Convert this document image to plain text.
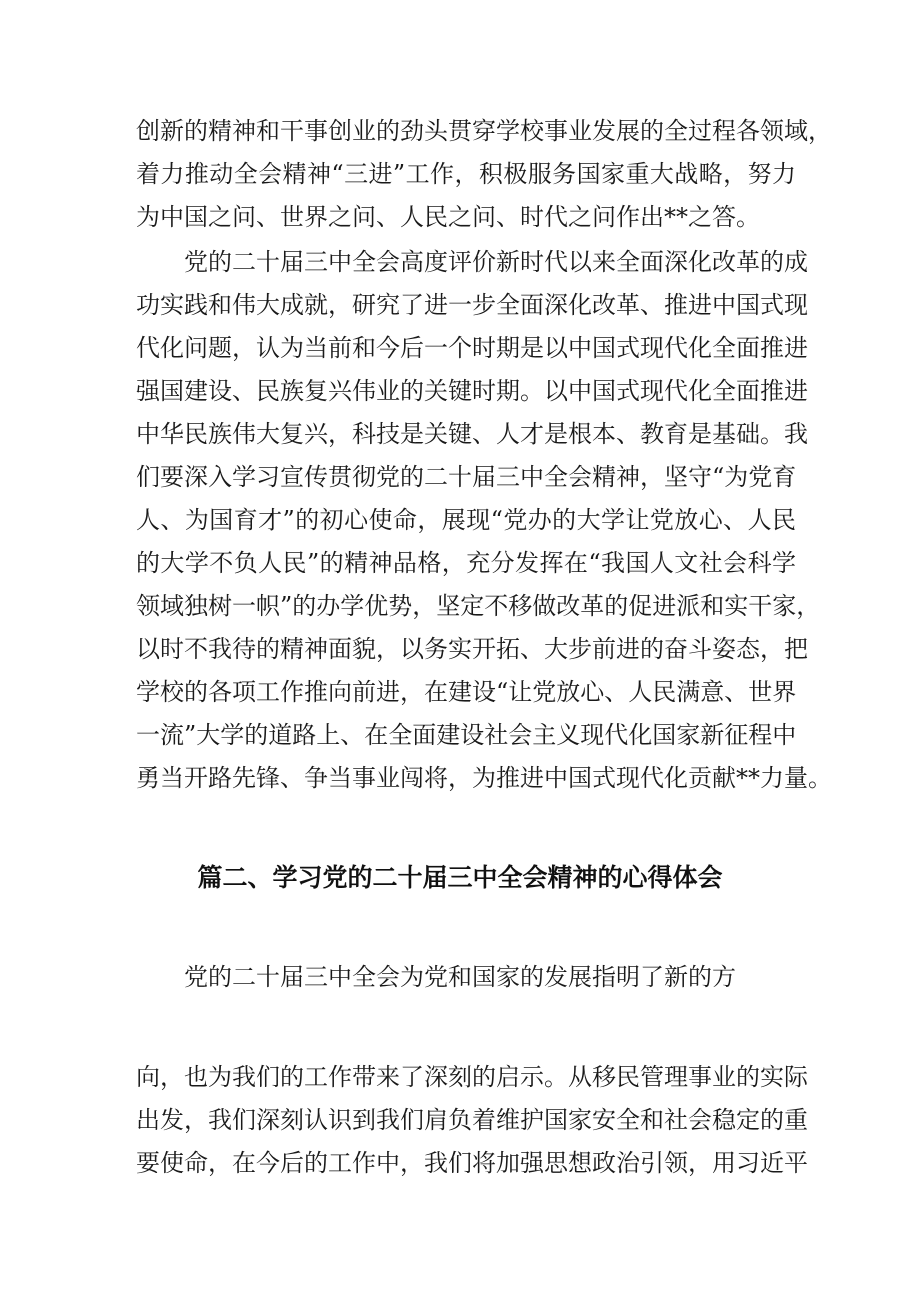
创新的精神和干事创业的劲头贯穿学校事业发展的全过程各领域，
着力推动全会精神“三进”工作，积极服务国家重大战略，努力
为中国之问、世界之问、人民之问、时代之问作出**之答。
党的二十届三中全会高度评价新时代以来全面深化改革的成
功实践和伟大成就，研究了进一步全面深化改革、推进中国式现
代化问题，认为当前和今后一个时期是以中国式现代化全面推进
强国建设、民族复兴伟业的关键时期。以中国式现代化全面推进
中华民族伟大复兴，科技是关键、人才是根本、教育是基础。我
们要深入学习宣传贯彻党的二十届三中全会精神，坚守“为党育
人、为国育才”的初心使命，展现“党办的大学让党放心、人民
的大学不负人民”的精神品格，充分发挥在“我国人文社会科学
领域独树一帜”的办学优势，坚定不移做改革的促进派和实干家，
以时不我待的精神面貌，以务实开拓、大步前进的奋斗姿态，把
学校的各项工作推向前进，在建设“让党放心、人民满意、世界
一流”大学的道路上、在全面建设社会主义现代化国家新征程中
勇当开路先锋、争当事业闯将，为推进中国式现代化贡献**力量。
篇二、学习党的二十届三中全会精神的心得体会
党的二十届三中全会为党和国家的发展指明了新的方
向，也为我们的工作带来了深刻的启示。从移民管理事业的实际
出发，我们深刻认识到我们肩负着维护国家安全和社会稳定的重
要使命，在今后的工作中，我们将加强思想政治引领，用习近平
